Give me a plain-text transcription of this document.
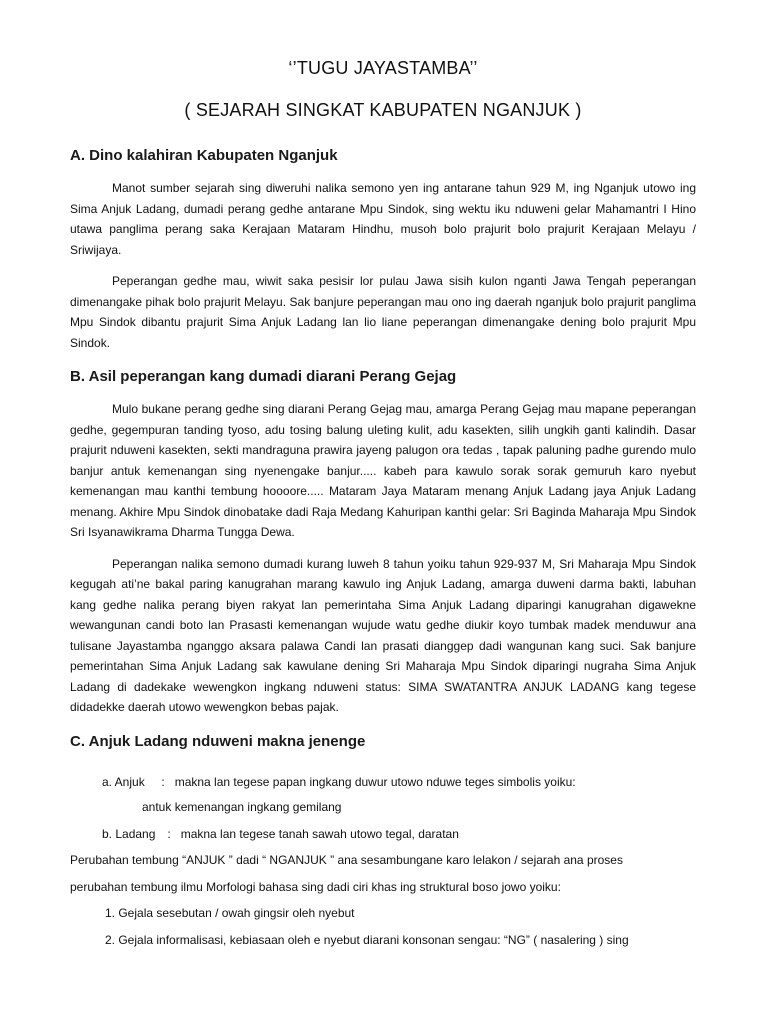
‘’TUGU JAYASTAMBA’’

( SEJARAH SINGKAT KABUPATEN NGANJUK )

A. Dino kalahiran Kabupaten Nganjuk

Manot sumber sejarah sing diweruhi nalika semono yen ing antarane tahun 929 M, ing Nganjuk utowo ing Sima Anjuk Ladang, dumadi perang gedhe antarane Mpu Sindok, sing wektu iku nduweni gelar Mahamantri I Hino utawa panglima perang saka Kerajaan Mataram Hindhu, musoh bolo prajurit bolo prajurit Kerajaan Melayu / Sriwijaya.

Peperangan gedhe mau, wiwit saka pesisir lor pulau Jawa sisih kulon nganti Jawa Tengah peperangan dimenangake pihak bolo prajurit Melayu. Sak banjure peperangan mau ono ing daerah nganjuk bolo prajurit panglima Mpu Sindok dibantu prajurit Sima Anjuk Ladang lan lio liane peperangan dimenangake dening bolo prajurit Mpu Sindok.

B. Asil peperangan kang dumadi diarani Perang Gejag

Mulo bukane perang gedhe sing diarani Perang Gejag mau, amarga Perang Gejag mau mapane peperangan gedhe, gegempuran tanding tyoso, adu tosing balung uleting kulit, adu kasekten, silih ungkih ganti kalindih. Dasar prajurit nduweni kasekten, sekti mandraguna prawira jayeng palugon ora tedas , tapak paluning padhe gurendo mulo banjur antuk kemenangan sing nyenengake banjur..... kabeh para kawulo sorak sorak gemuruh karo nyebut kemenangan mau kanthi tembung hoooore..... Mataram Jaya Mataram menang Anjuk Ladang jaya Anjuk Ladang menang. Akhire Mpu Sindok dinobatake dadi Raja Medang Kahuripan kanthi gelar: Sri Baginda Maharaja Mpu Sindok Sri Isyanawikrama Dharma Tungga Dewa.

Peperangan nalika semono dumadi kurang luweh 8 tahun yoiku tahun 929-937 M, Sri Maharaja Mpu Sindok kegugah ati’ne bakal paring kanugrahan marang kawulo ing Anjuk Ladang, amarga duweni darma bakti, labuhan kang gedhe nalika perang biyen rakyat lan pemerintaha Sima Anjuk Ladang diparingi kanugrahan digawekne wewangunan candi boto lan Prasasti kemenangan wujude watu gedhe diukir koyo tumbak madek menduwur ana tulisane Jayastamba nganggo aksara palawa Candi lan prasati dianggep dadi wangunan kang suci. Sak banjure pemerintahan Sima Anjuk Ladang sak kawulane dening Sri Maharaja Mpu Sindok diparingi nugraha Sima Anjuk Ladang di dadekake wewengkon ingkang nduweni status: SIMA SWATANTRA ANJUK LADANG kang tegese didadekke daerah utowo wewengkon bebas pajak.

C. Anjuk Ladang nduweni makna jenenge
a. Anjuk : makna lan tegese papan ingkang duwur utowo nduwe teges simbolis yoiku:
antuk kemenangan ingkang gemilang
b. Ladang : makna lan tegese tanah sawah utowo tegal, daratan
Perubahan tembung “ANJUK ” dadi “ NGANJUK ” ana sesambungane karo lelakon / sejarah ana proses
perubahan tembung ilmu Morfologi bahasa sing dadi ciri khas ing struktural boso jowo yoiku:
1. Gejala sesebutan / owah gingsir oleh nyebut
2. Gejala informalisasi, kebiasaan oleh e nyebut diarani konsonan sengau: “NG” ( nasalering ) sing
